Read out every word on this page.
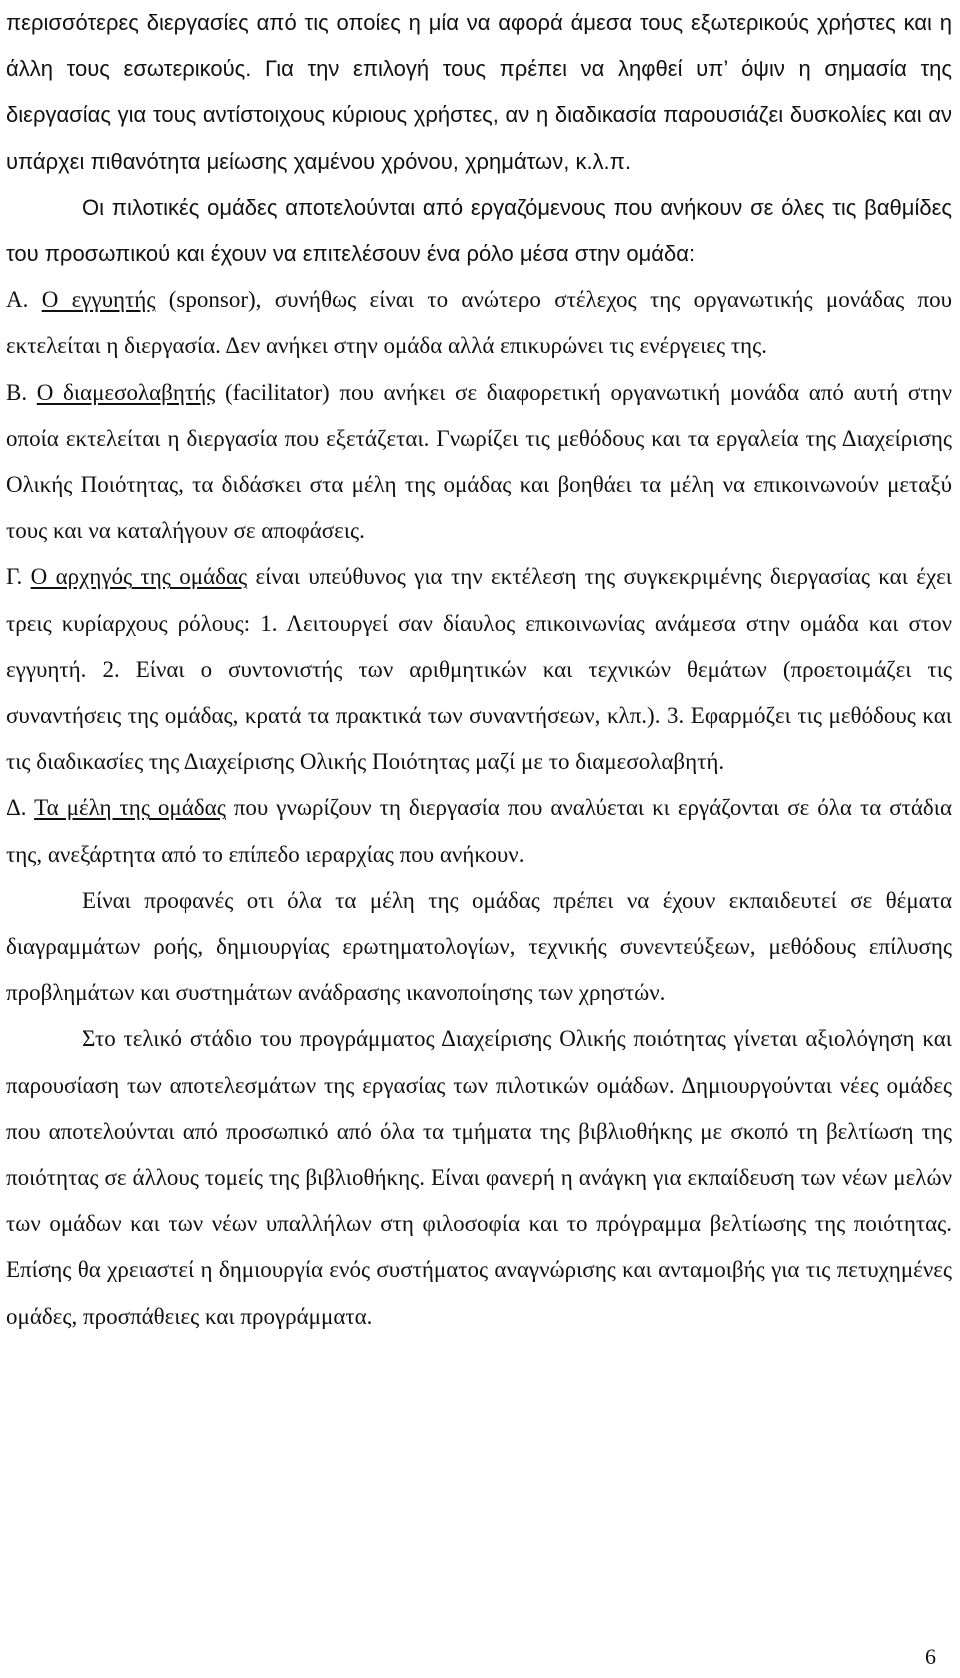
περισσότερες διεργασίες από τις οποίες η μία να αφορά άμεσα τους εξωτερικούς χρήστες και η άλλη τους εσωτερικούς. Για την επιλογή τους πρέπει να ληφθεί υπ’ όψιν η σημασία της διεργασίας για τους αντίστοιχους κύριους χρήστες, αν η διαδικασία παρουσιάζει δυσκολίες και αν υπάρχει πιθανότητα μείωσης χαμένου χρόνου, χρημάτων, κ.λ.π.

Οι πιλοτικές ομάδες αποτελούνται από εργαζόμενους που ανήκουν σε όλες τις βαθμίδες του προσωπικού και έχουν να επιτελέσουν ένα ρόλο μέσα στην ομάδα:

Α. Ο εγγυητής (sponsor), συνήθως είναι το ανώτερο στέλεχος της οργανωτικής μονάδας που εκτελείται η διεργασία. Δεν ανήκει στην ομάδα αλλά επικυρώνει τις ενέργειες της.

Β. Ο διαμεσολαβητής (facilitator) που ανήκει σε διαφορετική οργανωτική μονάδα από αυτή στην οποία εκτελείται η διεργασία που εξετάζεται. Γνωρίζει τις μεθόδους και τα εργαλεία της Διαχείρισης Ολικής Ποιότητας, τα διδάσκει στα μέλη της ομάδας και βοηθάει τα μέλη να επικοινωνούν μεταξύ τους και να καταλήγουν σε αποφάσεις.

Γ. Ο αρχηγός της ομάδας είναι υπεύθυνος για την εκτέλεση της συγκεκριμένης διεργασίας και έχει τρεις κυρίαρχους ρόλους: 1. Λειτουργεί σαν δίαυλος επικοινωνίας ανάμεσα στην ομάδα και στον εγγυητή. 2. Είναι ο συντονιστής των αριθμητικών και τεχνικών θεμάτων (προετοιμάζει τις συναντήσεις της ομάδας, κρατά τα πρακτικά των συναντήσεων, κλπ.). 3. Εφαρμόζει τις μεθόδους και τις διαδικασίες της Διαχείρισης Ολικής Ποιότητας μαζί με το διαμεσολαβητή.

Δ. Τα μέλη της ομάδας που γνωρίζουν τη διεργασία που αναλύεται κι εργάζονται σε όλα τα στάδια της, ανεξάρτητα από το επίπεδο ιεραρχίας που ανήκουν.

Είναι προφανές οτι όλα τα μέλη της ομάδας πρέπει να έχουν εκπαιδευτεί σε θέματα διαγραμμάτων ροής, δημιουργίας ερωτηματολογίων, τεχνικής συνεντεύξεων, μεθόδους επίλυσης προβλημάτων και συστημάτων ανάδρασης ικανοποίησης των χρηστών.

Στο τελικό στάδιο του προγράμματος Διαχείρισης Ολικής ποιότητας γίνεται αξιολόγηση και παρουσίαση των αποτελεσμάτων της εργασίας των πιλοτικών ομάδων. Δημιουργούνται νέες ομάδες που αποτελούνται από προσωπικό από όλα τα τμήματα της βιβλιοθήκης με σκοπό τη βελτίωση της ποιότητας σε άλλους τομείς της βιβλιοθήκης. Είναι φανερή η ανάγκη για εκπαίδευση των νέων μελών των ομάδων και των νέων υπαλλήλων στη φιλοσοφία και το πρόγραμμα βελτίωσης της ποιότητας. Επίσης θα χρειαστεί η δημιουργία ενός συστήματος αναγνώρισης και ανταμοιβής για τις πετυχημένες ομάδες, προσπάθειες και προγράμματα.

6
